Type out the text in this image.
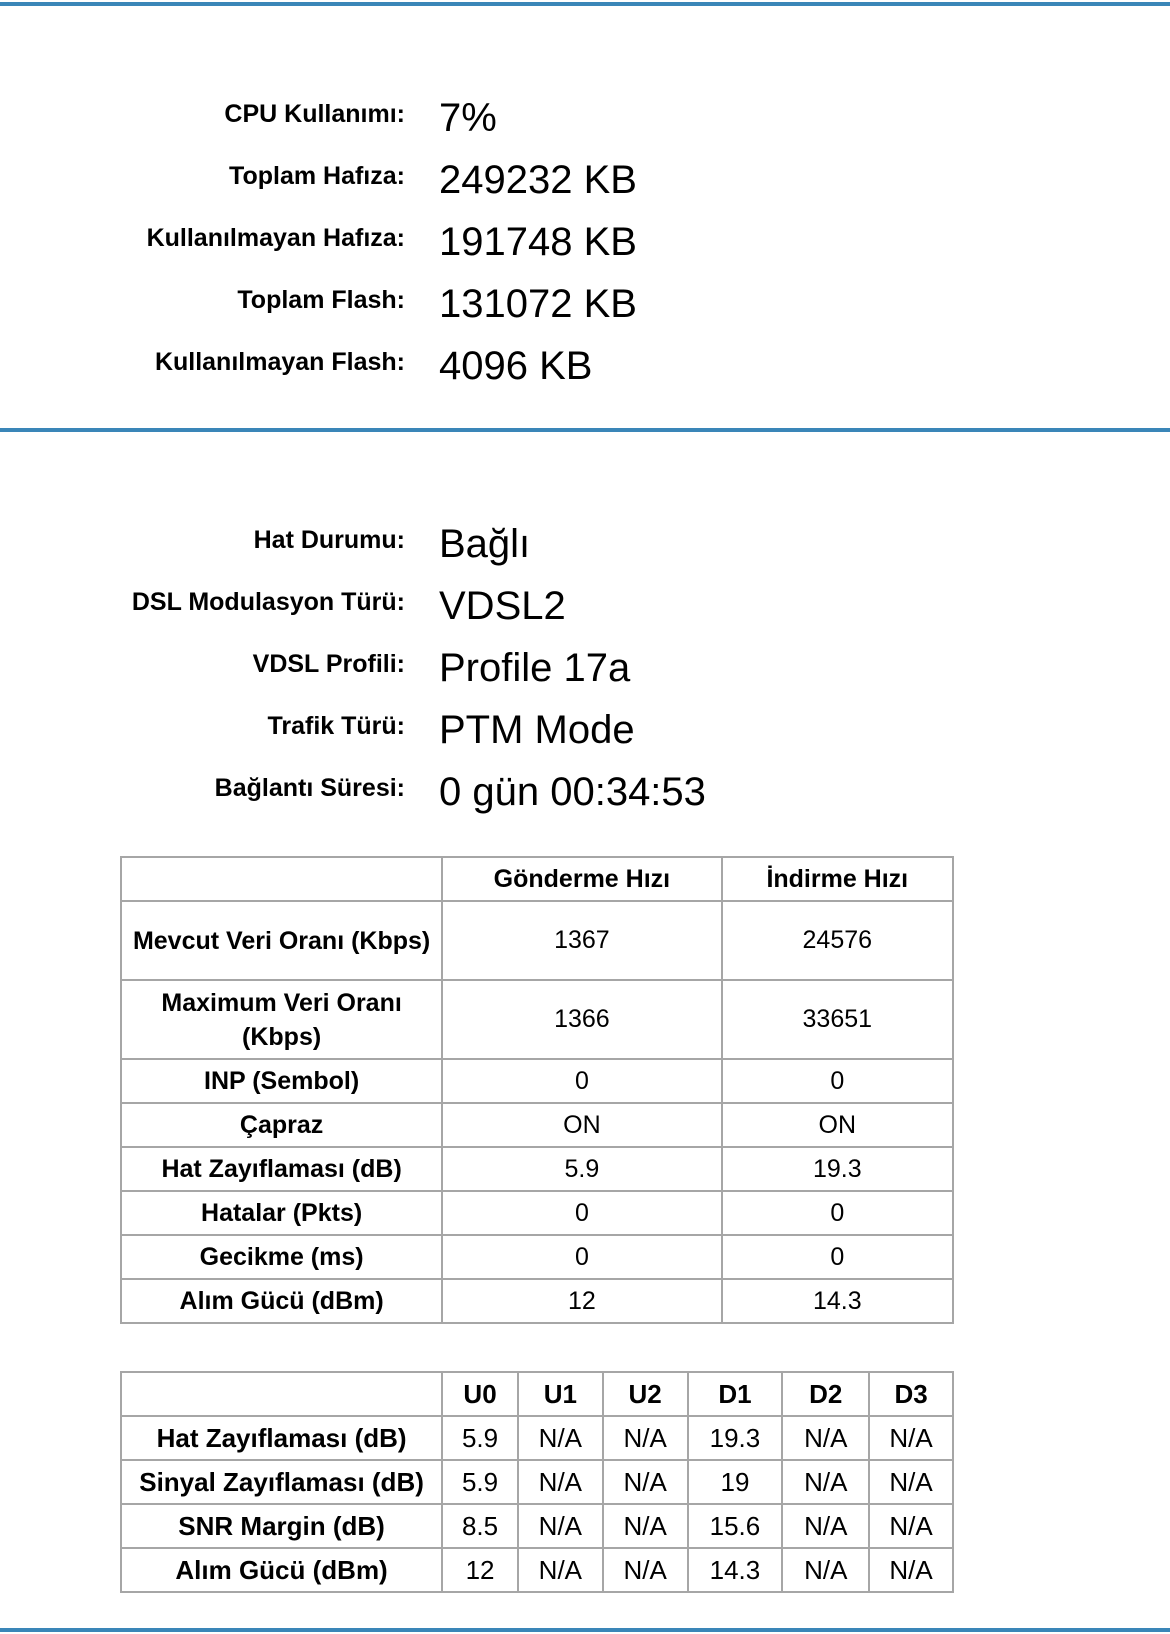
CPU Kullanımı: 7%
Toplam Hafıza: 249232 KB
Kullanılmayan Hafıza: 191748 KB
Toplam Flash: 131072 KB
Kullanılmayan Flash: 4096 KB
Hat Durumu: Bağlı
DSL Modulasyon Türü: VDSL2
VDSL Profili: Profile 17a
Trafik Türü: PTM Mode
Bağlantı Süresi: 0 gün 00:34:53
	Gönderme Hızı	İndirme Hızı
Mevcut Veri Oranı (Kbps)	1367	24576
Maximum Veri Oranı (Kbps)	1366	33651
INP (Sembol)	0	0
Çapraz	ON	ON
Hat Zayıflaması (dB)	5.9	19.3
Hatalar (Pkts)	0	0
Gecikme (ms)	0	0
Alım Gücü (dBm)	12	14.3
	U0	U1	U2	D1	D2	D3
Hat Zayıflaması (dB)	5.9	N/A	N/A	19.3	N/A	N/A
Sinyal Zayıflaması (dB)	5.9	N/A	N/A	19	N/A	N/A
SNR Margin (dB)	8.5	N/A	N/A	15.6	N/A	N/A
Alım Gücü (dBm)	12	N/A	N/A	14.3	N/A	N/A
